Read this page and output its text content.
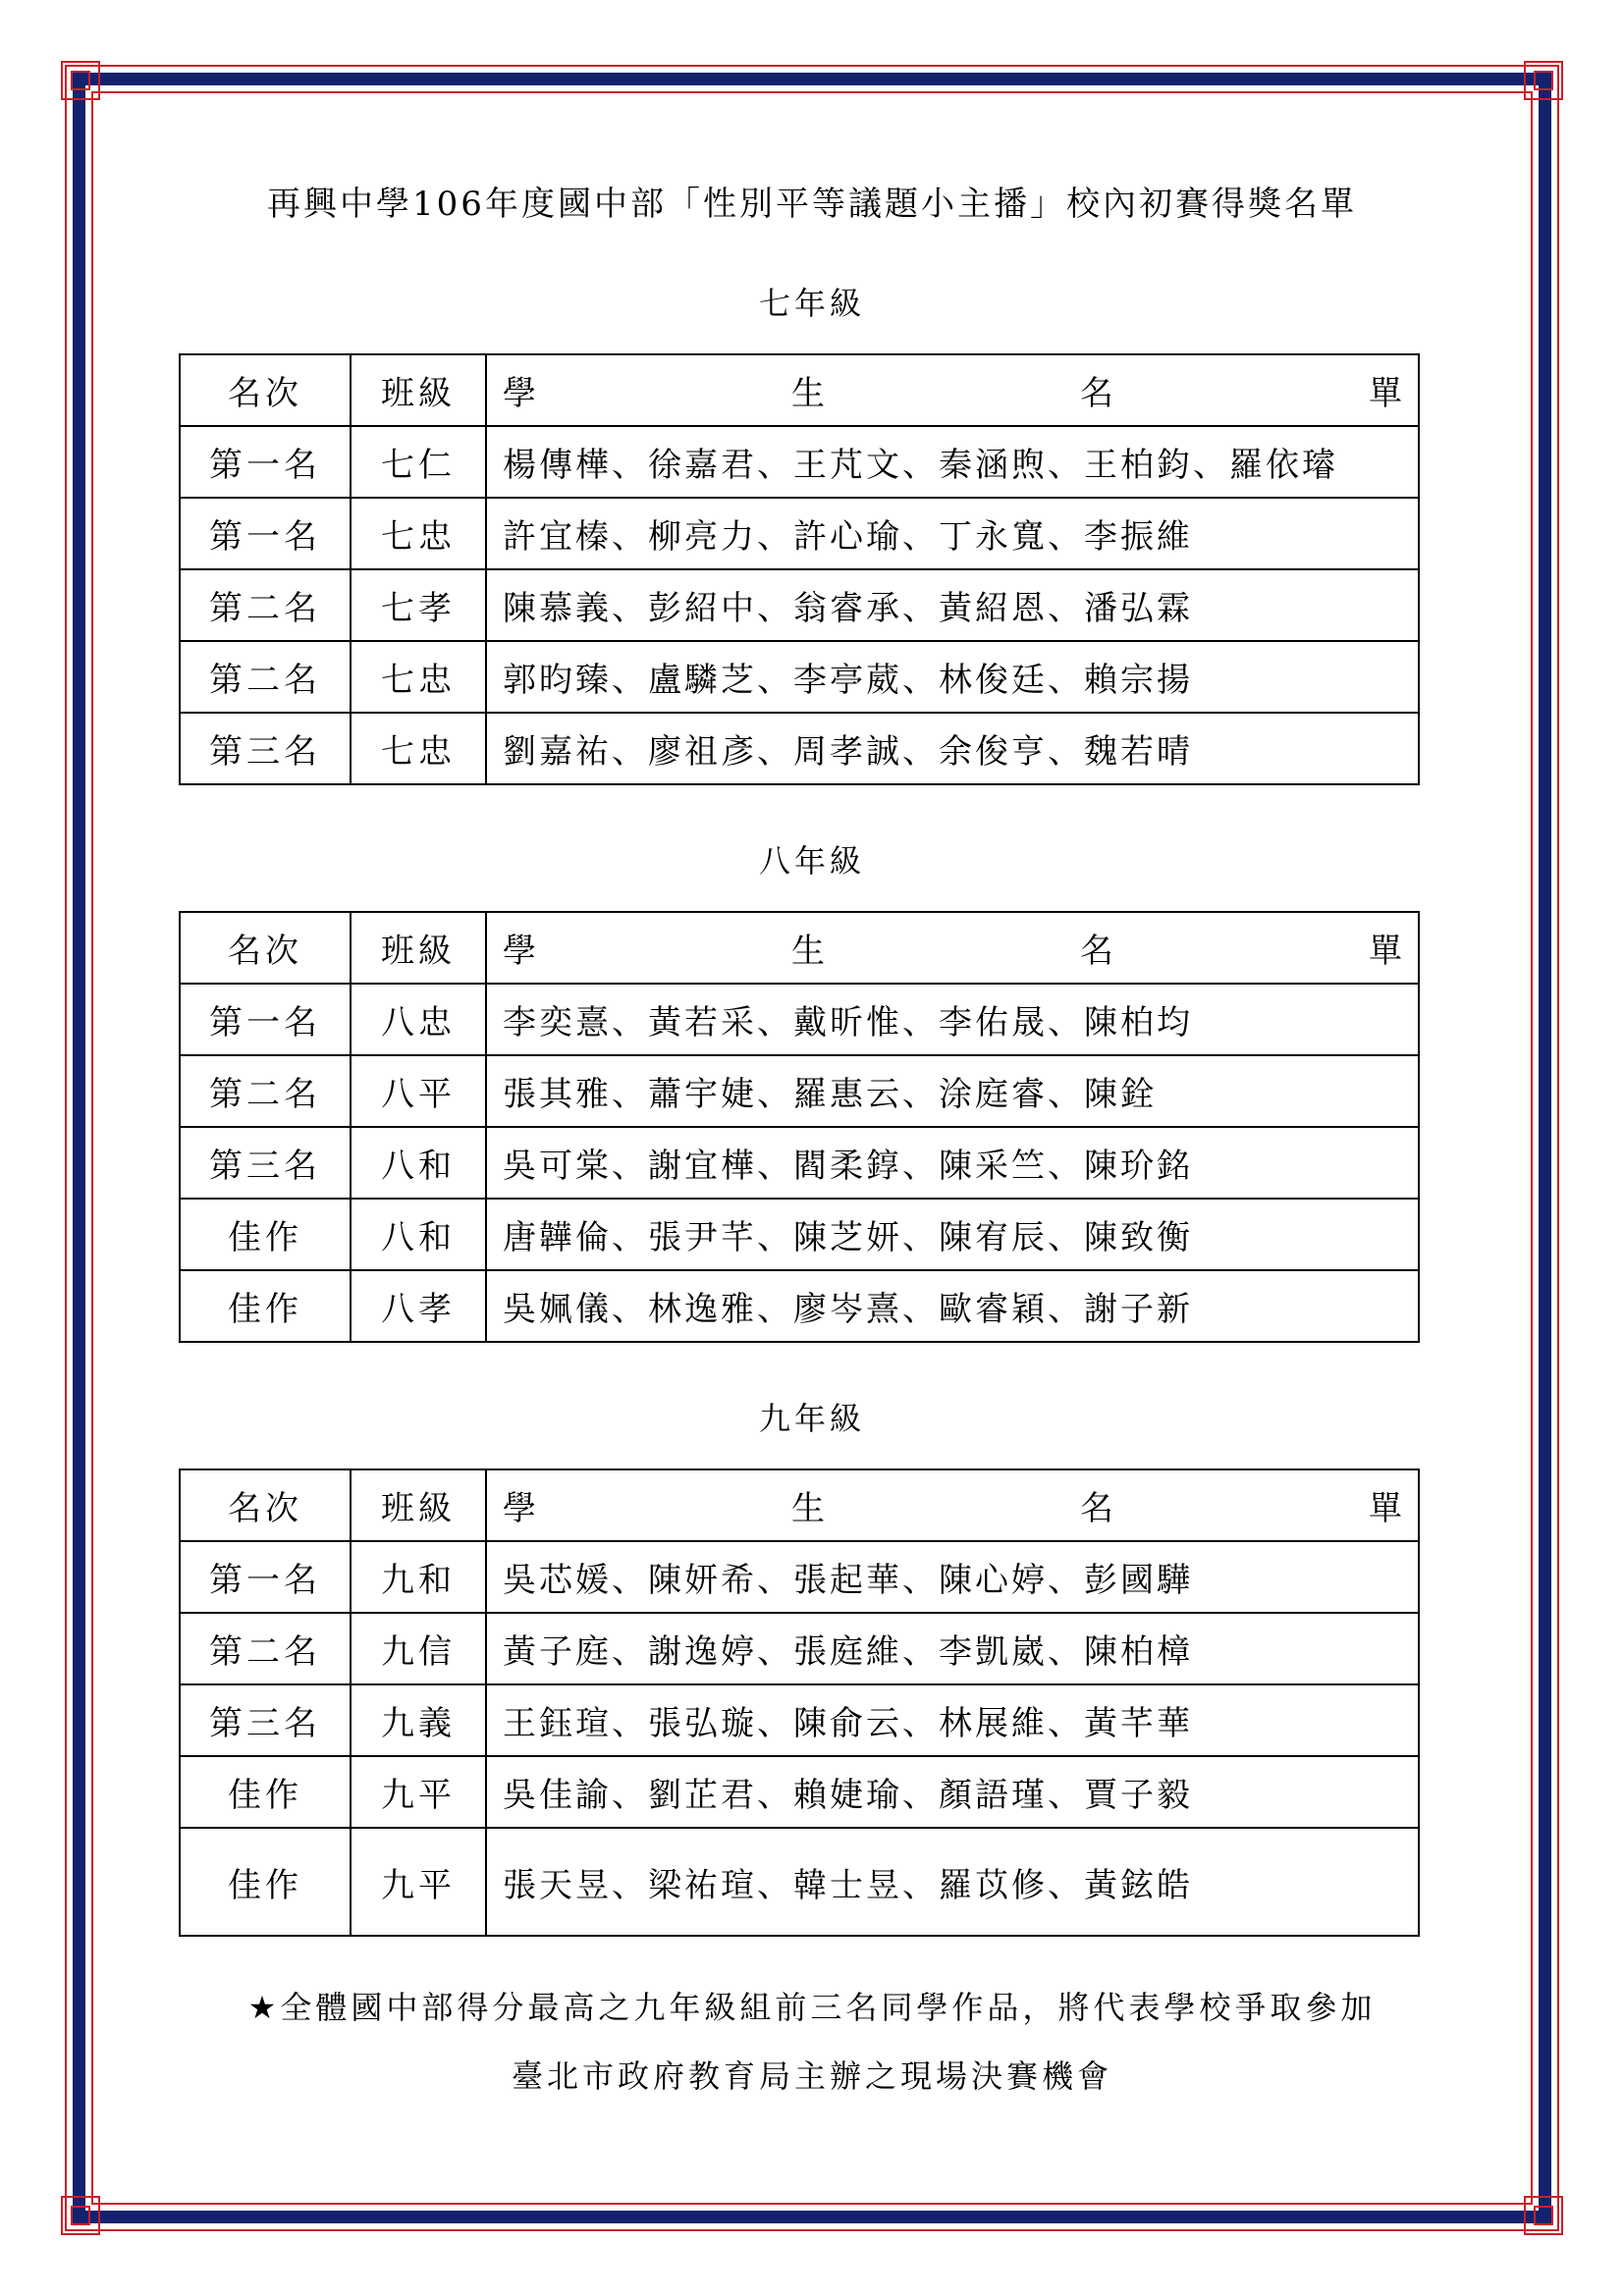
再興中學106年度國中部「性別平等議題小主播」校內初賽得獎名單
七年級
名次	班級	學 生 名 單

第一名	七仁	楊傳樺、徐嘉君、王芃文、秦涵煦、王柏鈞、羅依璿
第一名	七忠	許宜榛、柳亮力、許心瑜、丁永寬、李振維
第二名	七孝	陳慕義、彭紹中、翁睿承、黃紹恩、潘弘霖
第二名	七忠	郭昀臻、盧驎芝、李亭葳、林俊廷、賴宗揚
第三名	七忠	劉嘉祐、廖祖彥、周孝誠、余俊亨、魏若晴
八年級
名次	班級	學 生 名 單

第一名	八忠	李奕憙、黃若采、戴昕惟、李佑晟、陳柏均
第二名	八平	張其雅、蕭宇婕、羅惠云、涂庭睿、陳銓
第三名	八和	吳可棠、謝宜樺、閻柔錞、陳采竺、陳玠銘
佳作	八和	唐韡倫、張尹芊、陳芝妍、陳宥辰、陳致衡
佳作	八孝	吳姵儀、林逸雅、廖岑熹、歐睿穎、謝子新
九年級
名次	班級	學 生 名 單

第一名	九和	吳芯媛、陳妍希、張起華、陳心婷、彭國驊
第二名	九信	黃子庭、謝逸婷、張庭維、李凱崴、陳柏樟
第三名	九義	王鈺瑄、張弘璇、陳俞云、林展維、黃芊華
佳作	九平	吳佳諭、劉芷君、賴婕瑜、顏語瑾、賈子毅
佳作	九平	張天昱、梁祐瑄、韓士昱、羅苡修、黃鉉皓
★全體國中部得分最高之九年級組前三名同學作品，將代表學校爭取參加
臺北市政府教育局主辦之現場決賽機會
